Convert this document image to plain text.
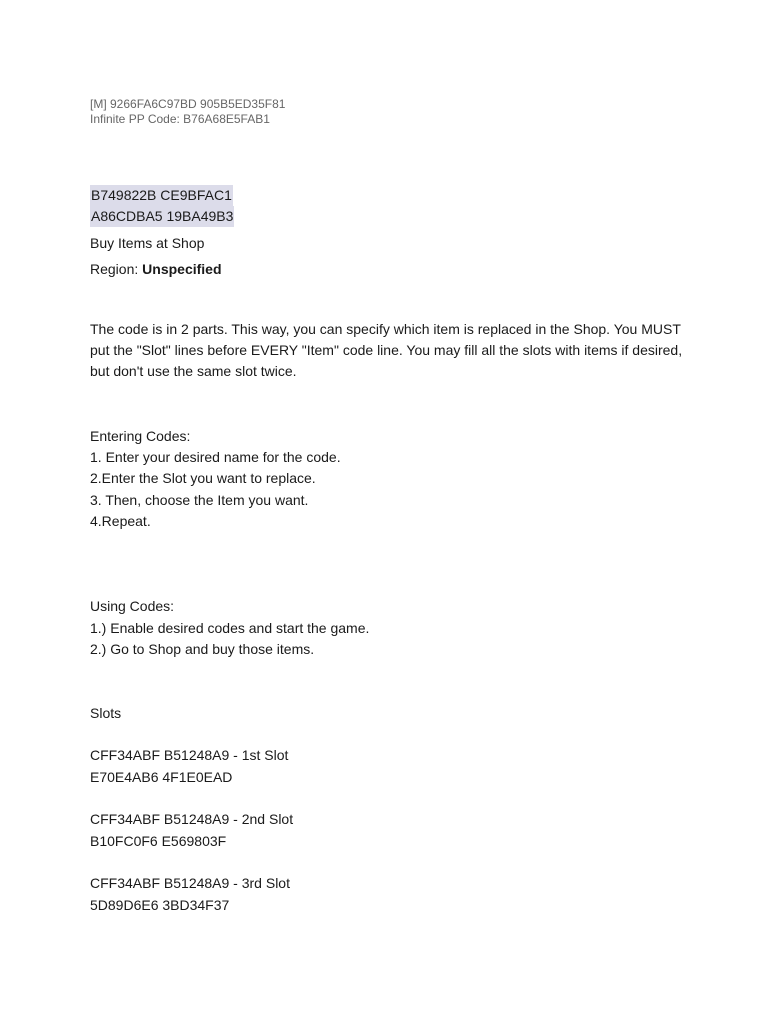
[M] 9266FA6C97BD 905B5ED35F81
Infinite PP Code: B76A68E5FAB1
B749822B CE9BFAC1
A86CDBA5 19BA49B3
Buy Items at Shop
Region: Unspecified
The code is in 2 parts. This way, you can specify which item is replaced in the Shop. You MUST put the "Slot" lines before EVERY "Item" code line. You may fill all the slots with items if desired, but don't use the same slot twice.
Entering Codes:
1. Enter your desired name for the code.
2.Enter the Slot you want to replace.
3. Then, choose the Item you want.
4.Repeat.
Using Codes:
1.) Enable desired codes and start the game.
2.) Go to Shop and buy those items.
Slots
CFF34ABF B51248A9 - 1st Slot
E70E4AB6 4F1E0EAD
CFF34ABF B51248A9 - 2nd Slot
B10FC0F6 E569803F
CFF34ABF B51248A9 - 3rd Slot
5D89D6E6 3BD34F37
